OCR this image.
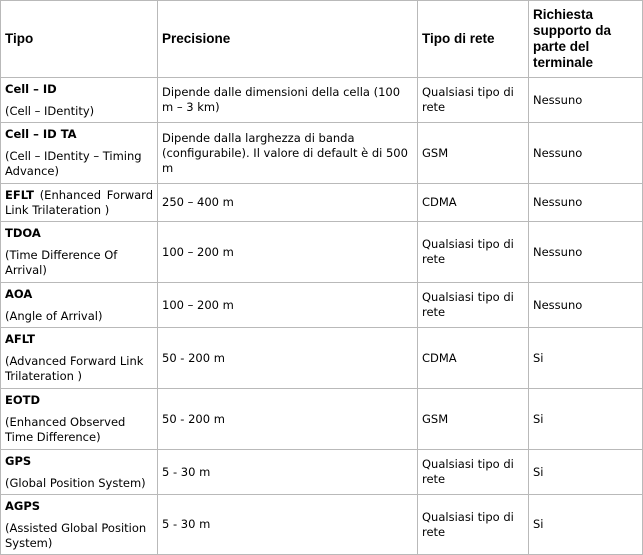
Tipo	Precisione	Tipo di rete	Richiesta supporto da parte del terminale

Cell – ID
(Cell – IDentity)	Dipende dalle dimensioni della cella (100 m – 3 km)	Qualsiasi tipo di rete	Nessuno

Cell – ID TA
(Cell – IDentity – Timing Advance)	Dipende dalla larghezza di banda (configurabile). Il valore di default è di 500 m	GSM	Nessuno

EFLT (Enhanced Forward
Link Trilateration )	250 – 400 m	CDMA	Nessuno

TDOA
(Time Difference Of Arrival)	100 – 200 m	Qualsiasi tipo di rete	Nessuno

AOA
(Angle of Arrival)	100 – 200 m	Qualsiasi tipo di rete	Nessuno

AFLT
(Advanced Forward Link Trilateration )	50 - 200 m	CDMA	Si

EOTD
(Enhanced Observed Time Difference)	50 - 200 m	GSM	Si

GPS
(Global Position System)	5 - 30 m	Qualsiasi tipo di rete	Si

AGPS
(Assisted Global Position System)	5 - 30 m	Qualsiasi tipo di rete	Si
